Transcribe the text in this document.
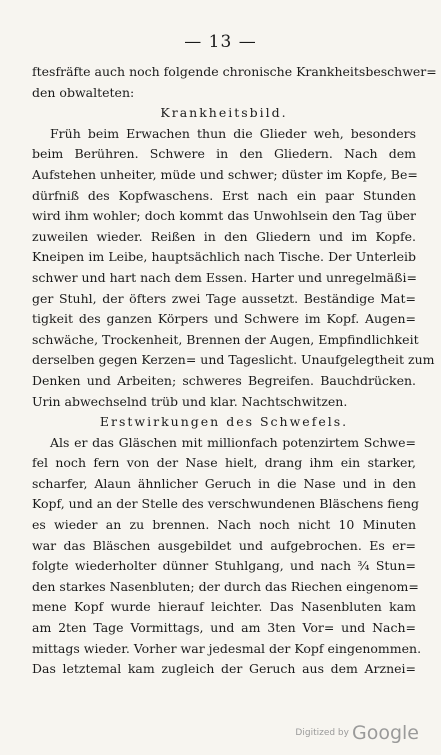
— 13 —
ftesfräfte auch noch folgende chronische Krankheitsbeschwer=
den obwalteten:
Krankheitsbild.
Früh beim Erwachen thun die Glieder weh, besonders
beim Berühren. Schwere in den Gliedern. Nach dem
Aufstehen unheiter, müde und schwer; düster im Kopfe, Be=
dürfniß des Kopfwaschens. Erst nach ein paar Stunden
wird ihm wohler; doch kommt das Unwohlsein den Tag über
zuweilen wieder. Reißen in den Gliedern und im Kopfe.
Kneipen im Leibe, hauptsächlich nach Tische. Der Unterleib
schwer und hart nach dem Essen. Harter und unregelmäßi=
ger Stuhl, der öfters zwei Tage aussetzt. Beständige Mat=
tigkeit des ganzen Körpers und Schwere im Kopf. Augen=
schwäche, Trockenheit, Brennen der Augen, Empfindlichkeit
derselben gegen Kerzen= und Tageslicht. Unaufgelegtheit zum
Denken und Arbeiten; schweres Begreifen. Bauchdrücken.
Urin abwechselnd trüb und klar. Nachtschwitzen.
Erstwirkungen des Schwefels.
Als er das Gläschen mit millionfach potenzirtem Schwe=
fel noch fern von der Nase hielt, drang ihm ein starker,
scharfer, Alaun ähnlicher Geruch in die Nase und in den
Kopf, und an der Stelle des verschwundenen Bläschens fieng
es wieder an zu brennen. Nach noch nicht 10 Minuten
war das Bläschen ausgebildet und aufgebrochen. Es er=
folgte wiederholter dünner Stuhlgang, und nach ¾ Stun=
den starkes Nasenbluten; der durch das Riechen eingenom=
mene Kopf wurde hierauf leichter. Das Nasenbluten kam
am 2ten Tage Vormittags, und am 3ten Vor= und Nach=
mittags wieder. Vorher war jedesmal der Kopf eingenommen.
Das letztemal kam zugleich der Geruch aus dem Arznei=
Digitized by Google
